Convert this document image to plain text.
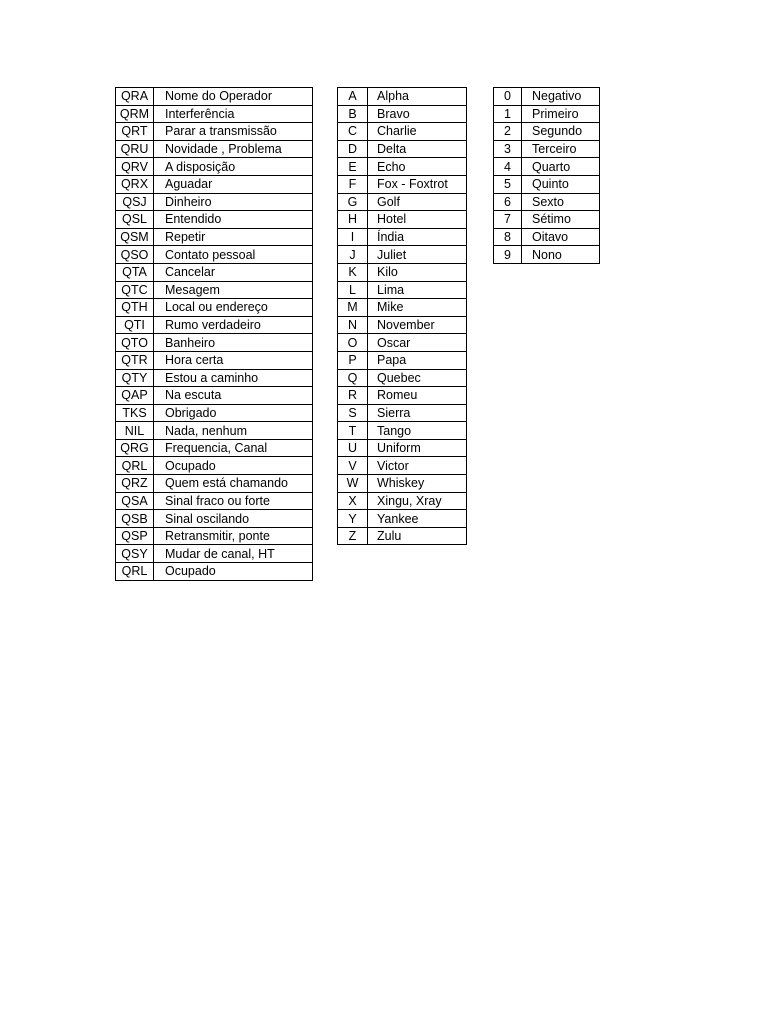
QRA	Nome do Operador
QRM	Interferência
QRT	Parar a transmissão
QRU	Novidade , Problema
QRV	A disposição
QRX	Aguadar
QSJ	Dinheiro
QSL	Entendido
QSM	Repetir
QSO	Contato pessoal
QTA	Cancelar
QTC	Mesagem
QTH	Local ou endereço
QTI	Rumo verdadeiro
QTO	Banheiro
QTR	Hora certa
QTY	Estou a caminho
QAP	Na escuta
TKS	Obrigado
NIL	Nada, nenhum
QRG	Frequencia, Canal
QRL	Ocupado
QRZ	Quem está chamando
QSA	Sinal fraco ou forte
QSB	Sinal oscilando
QSP	Retransmitir, ponte
QSY	Mudar de canal, HT
QRL	Ocupado
A	Alpha
B	Bravo
C	Charlie
D	Delta
E	Echo
F	Fox - Foxtrot
G	Golf
H	Hotel
I	Índia
J	Juliet
K	Kilo
L	Lima
M	Mike
N	November
O	Oscar
P	Papa
Q	Quebec
R	Romeu
S	Sierra
T	Tango
U	Uniform
V	Victor
W	Whiskey
X	Xingu, Xray
Y	Yankee
Z	Zulu
0	Negativo
1	Primeiro
2	Segundo
3	Terceiro
4	Quarto
5	Quinto
6	Sexto
7	Sétimo
8	Oitavo
9	Nono
